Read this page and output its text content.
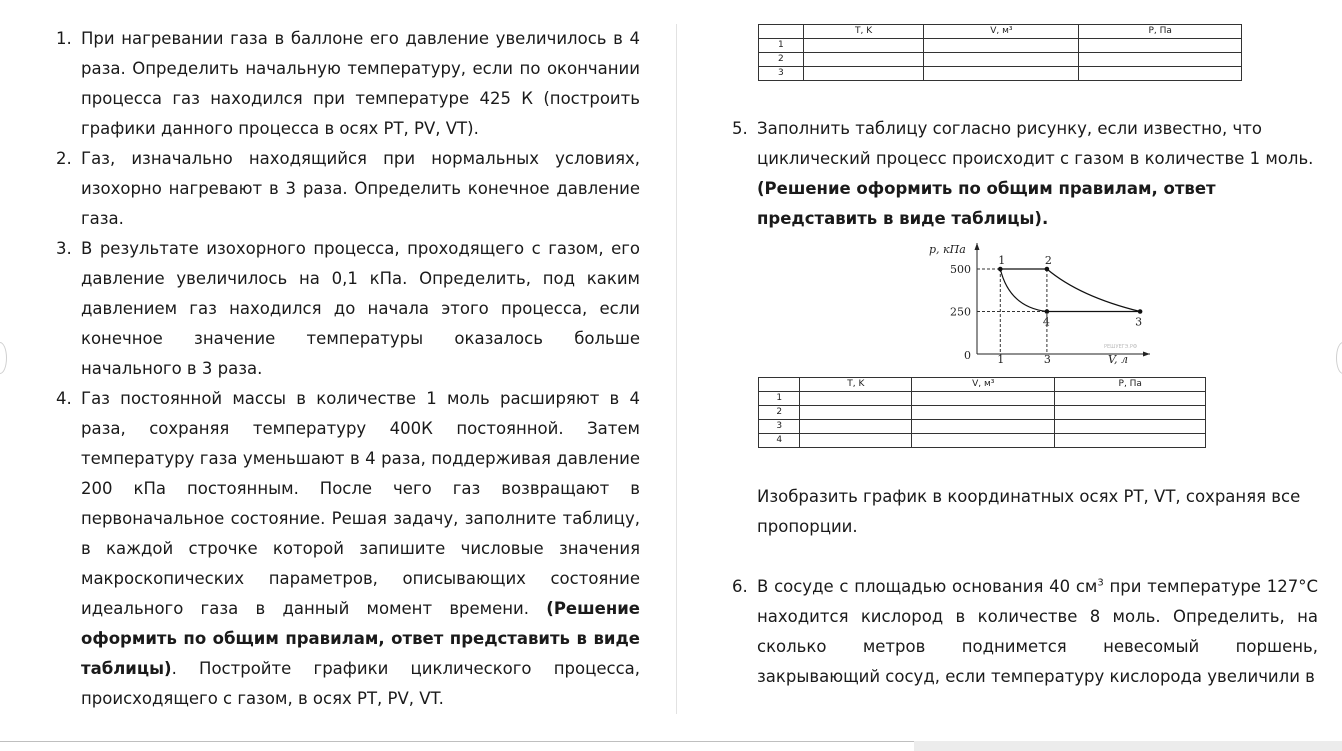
1. При нагревании газа в баллоне его давление увеличилось в 4 раза. Определить начальную температуру, если по окончании процесса газ находился при температуре 425 К (построить графики данного процесса в осях PT, PV, VT).
2. Газ, изначально находящийся при нормальных условиях, изохорно нагревают в 3 раза. Определить конечное давление газа.
3. В результате изохорного процесса, проходящего с газом, его давление увеличилось на 0,1 кПа. Определить, под каким давлением газ находился до начала этого процесса, если конечное значение температуры оказалось больше начального в 3 раза.
4. Газ постоянной массы в количестве 1 моль расширяют в 4 раза, сохраняя температуру 400К постоянной. Затем температуру газа уменьшают в 4 раза, поддерживая давление 200 кПа постоянным. После чего газ возвращают в первоначальное состояние. Решая задачу, заполните таблицу, в каждой строчке которой запишите числовые значения макроскопических параметров, описывающих состояние идеального газа в данный момент времени. (Решение оформить по общим правилам, ответ представить в виде таблицы). Постройте графики циклического процесса, происходящего с газом, в осях PT, PV, VT.
	T, K	V, м³	P, Па
1			
2			
3			
5. Заполнить таблицу согласно рисунку, если известно, что циклический процесс происходит с газом в количестве 1 моль. (Решение оформить по общим правилам, ответ представить в виде таблицы).
p, кПа
V, л
0
РЕШУЕГЭ.РФ
500
250
1	3
1	2
3
4
	T, K	V, м³	P, Па
1			
2			
3			
4			
Изобразить график в координатных осях PT, VT, сохраняя все пропорции.
6. В сосуде с площадью основания 40 $см^3$ при температуре 127°С находится кислород в количестве 8 моль. Определить, на сколько метров поднимется невесомый поршень, закрывающий сосуд, если температуру кислорода увеличили в
